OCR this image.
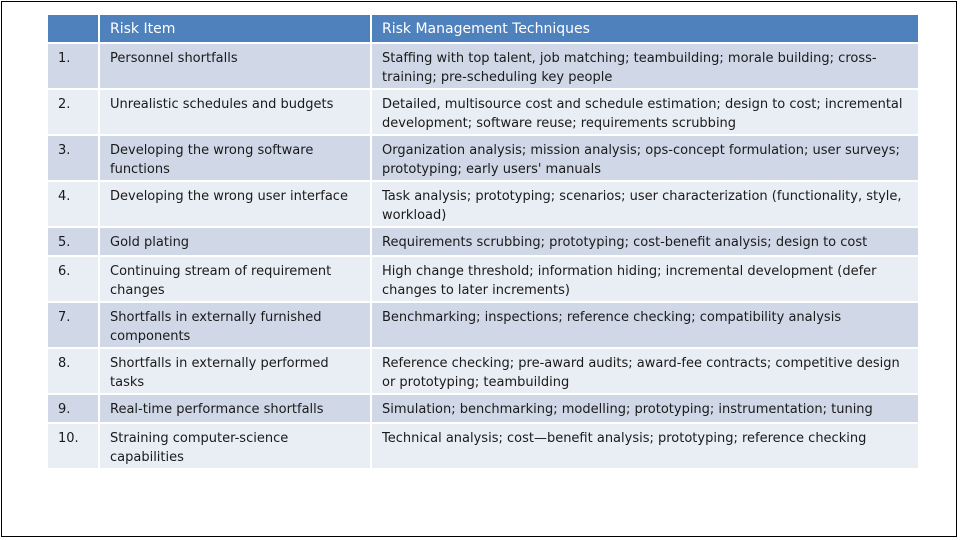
	Risk Item	Risk Management Techniques
1.	Personnel shortfalls	Staffing with top talent, job matching; teambuilding; morale building; cross-training; pre-scheduling key people
2.	Unrealistic schedules and budgets	Detailed, multisource cost and schedule estimation; design to cost; incremental development; software reuse; requirements scrubbing
3.	Developing the wrong software functions	Organization analysis; mission analysis; ops-concept formulation; user surveys; prototyping; early users' manuals
4.	Developing the wrong user interface	Task analysis; prototyping; scenarios; user characterization (functionality, style, workload)
5.	Gold plating	Requirements scrubbing; prototyping; cost-benefit analysis; design to cost
6.	Continuing stream of requirement changes	High change threshold; information hiding; incremental development (defer changes to later increments)
7.	Shortfalls in externally furnished components	Benchmarking; inspections; reference checking; compatibility analysis
8.	Shortfalls in externally performed tasks	Reference checking; pre-award audits; award-fee contracts; competitive design or prototyping; teambuilding
9.	Real-time performance shortfalls	Simulation; benchmarking; modelling; prototyping; instrumentation; tuning
10.	Straining computer-science capabilities	Technical analysis; cost—benefit analysis; prototyping; reference checking
